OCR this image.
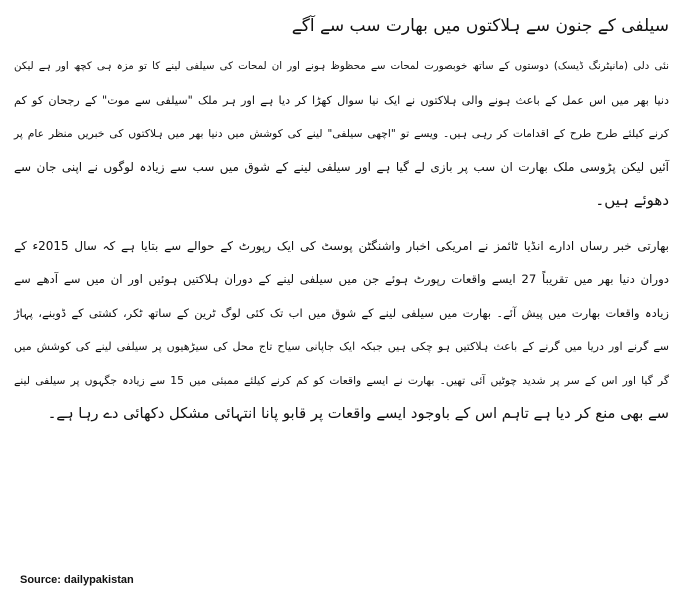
سیلفی کے جنون سے ہلاکتوں میں بھارت سب سے آگے

نئی دلی (مانیٹرنگ ڈیسک) دوستوں کے ساتھ خوبصورت لمحات سے محظوظ ہونے اور ان لمحات کی سیلفی لینے کا تو مزہ ہی کچھ اور ہے لیکن
دنیا بھر میں اس عمل کے باعث ہونے والی ہلاکتوں نے ایک نیا سوال کھڑا کر دیا ہے اور ہر ملک "سیلفی سے موت" کے رجحان کو کم
کرنے کیلئے طرح طرح کے اقدامات کر رہی ہیں۔ ویسے تو "اچھی سیلفی" لینے کی کوشش میں دنیا بھر میں ہلاکتوں کی خبریں منظر عام پر
آئیں لیکن پڑوسی ملک بھارت ان سب پر بازی لے گیا ہے اور سیلفی لینے کے شوق میں سب سے زیادہ لوگوں نے اپنی جان سے
دھوئے ہیں۔

بھارتی خبر رساں ادارے انڈیا ٹائمز نے امریکی اخبار واشنگٹن پوسٹ کی ایک رپورٹ کے حوالے سے بتایا ہے کہ سال 2015ء کے
دوران دنیا بھر میں تقریباً 27 ایسے واقعات رپورٹ ہوئے جن میں سیلفی لینے کے دوران ہلاکتیں ہوئیں اور ان میں سے آدھے سے
زیادہ واقعات بھارت میں پیش آئے۔ بھارت میں سیلفی لینے کے شوق میں اب تک کئی لوگ ٹرین کے ساتھ ٹکر، کشتی کے ڈوبنے، پہاڑ
سے گرنے اور دریا میں گرنے کے باعث ہلاکتیں ہو چکی ہیں جبکہ ایک جاپانی سیاح تاج محل کی سیڑھیوں پر سیلفی لینے کی کوشش میں
گر گیا اور اس کے سر پر شدید چوٹیں آئی تھیں۔ بھارت نے ایسے واقعات کو کم کرنے کیلئے ممبئی میں 15 سے زیادہ جگہوں پر سیلفی لینے
سے بھی منع کر دیا ہے تاہم اس کے باوجود ایسے واقعات پر قابو پانا انتہائی مشکل دکھائی دے رہا ہے۔

Source: dailypakistan
